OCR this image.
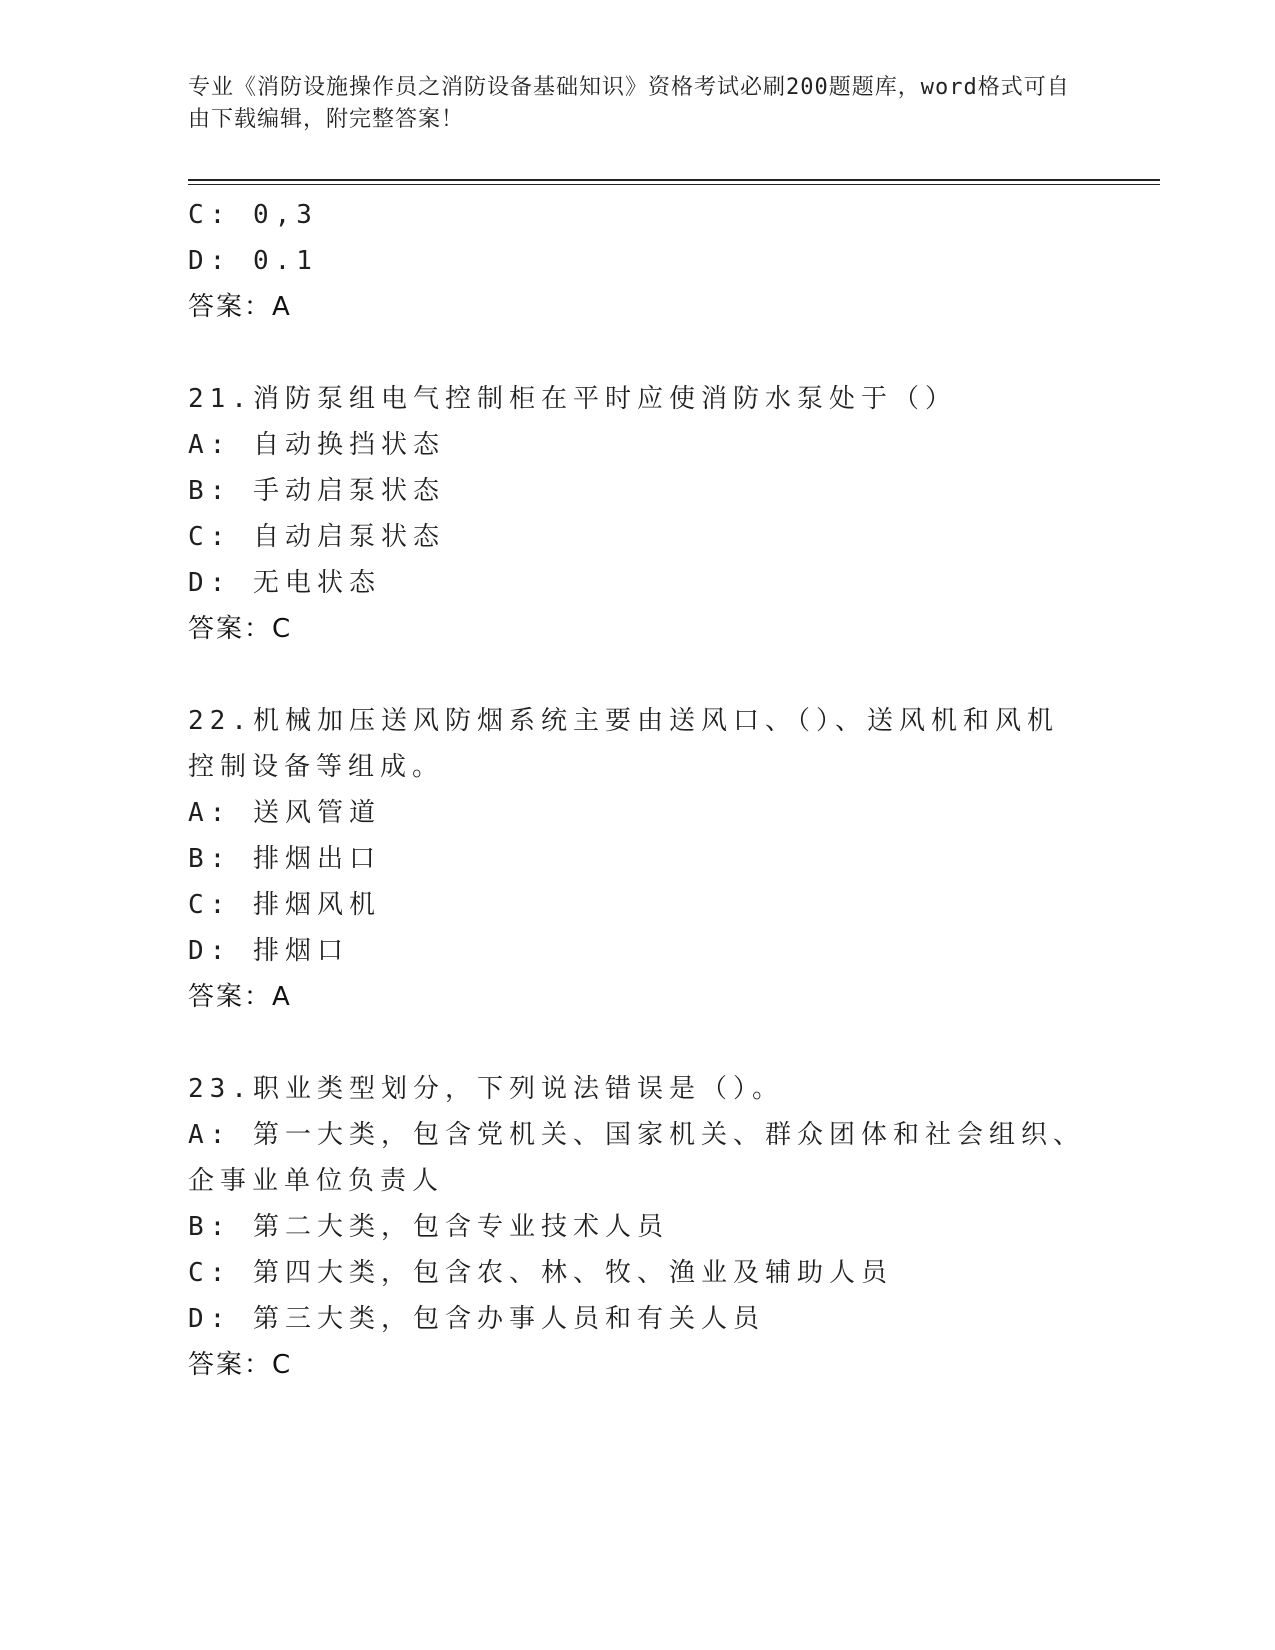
专业《消防设施操作员之消防设备基础知识》资格考试必刷200题题库，word格式可自由下载编辑，附完整答案！
C: 0,3
D: 0.1
答案：A
21.消防泵组电气控制柜在平时应使消防水泵处于（）
A: 自动换挡状态
B: 手动启泵状态
C: 自动启泵状态
D: 无电状态
答案：C
22.机械加压送风防烟系统主要由送风口、（）、送风机和风机控制设备等组成。
A: 送风管道
B: 排烟出口
C: 排烟风机
D: 排烟口
答案：A
23.职业类型划分，下列说法错误是（）。
A: 第一大类，包含党机关、国家机关、群众团体和社会组织、企事业单位负责人
B: 第二大类，包含专业技术人员
C: 第四大类，包含农、林、牧、渔业及辅助人员
D: 第三大类，包含办事人员和有关人员
答案：C
